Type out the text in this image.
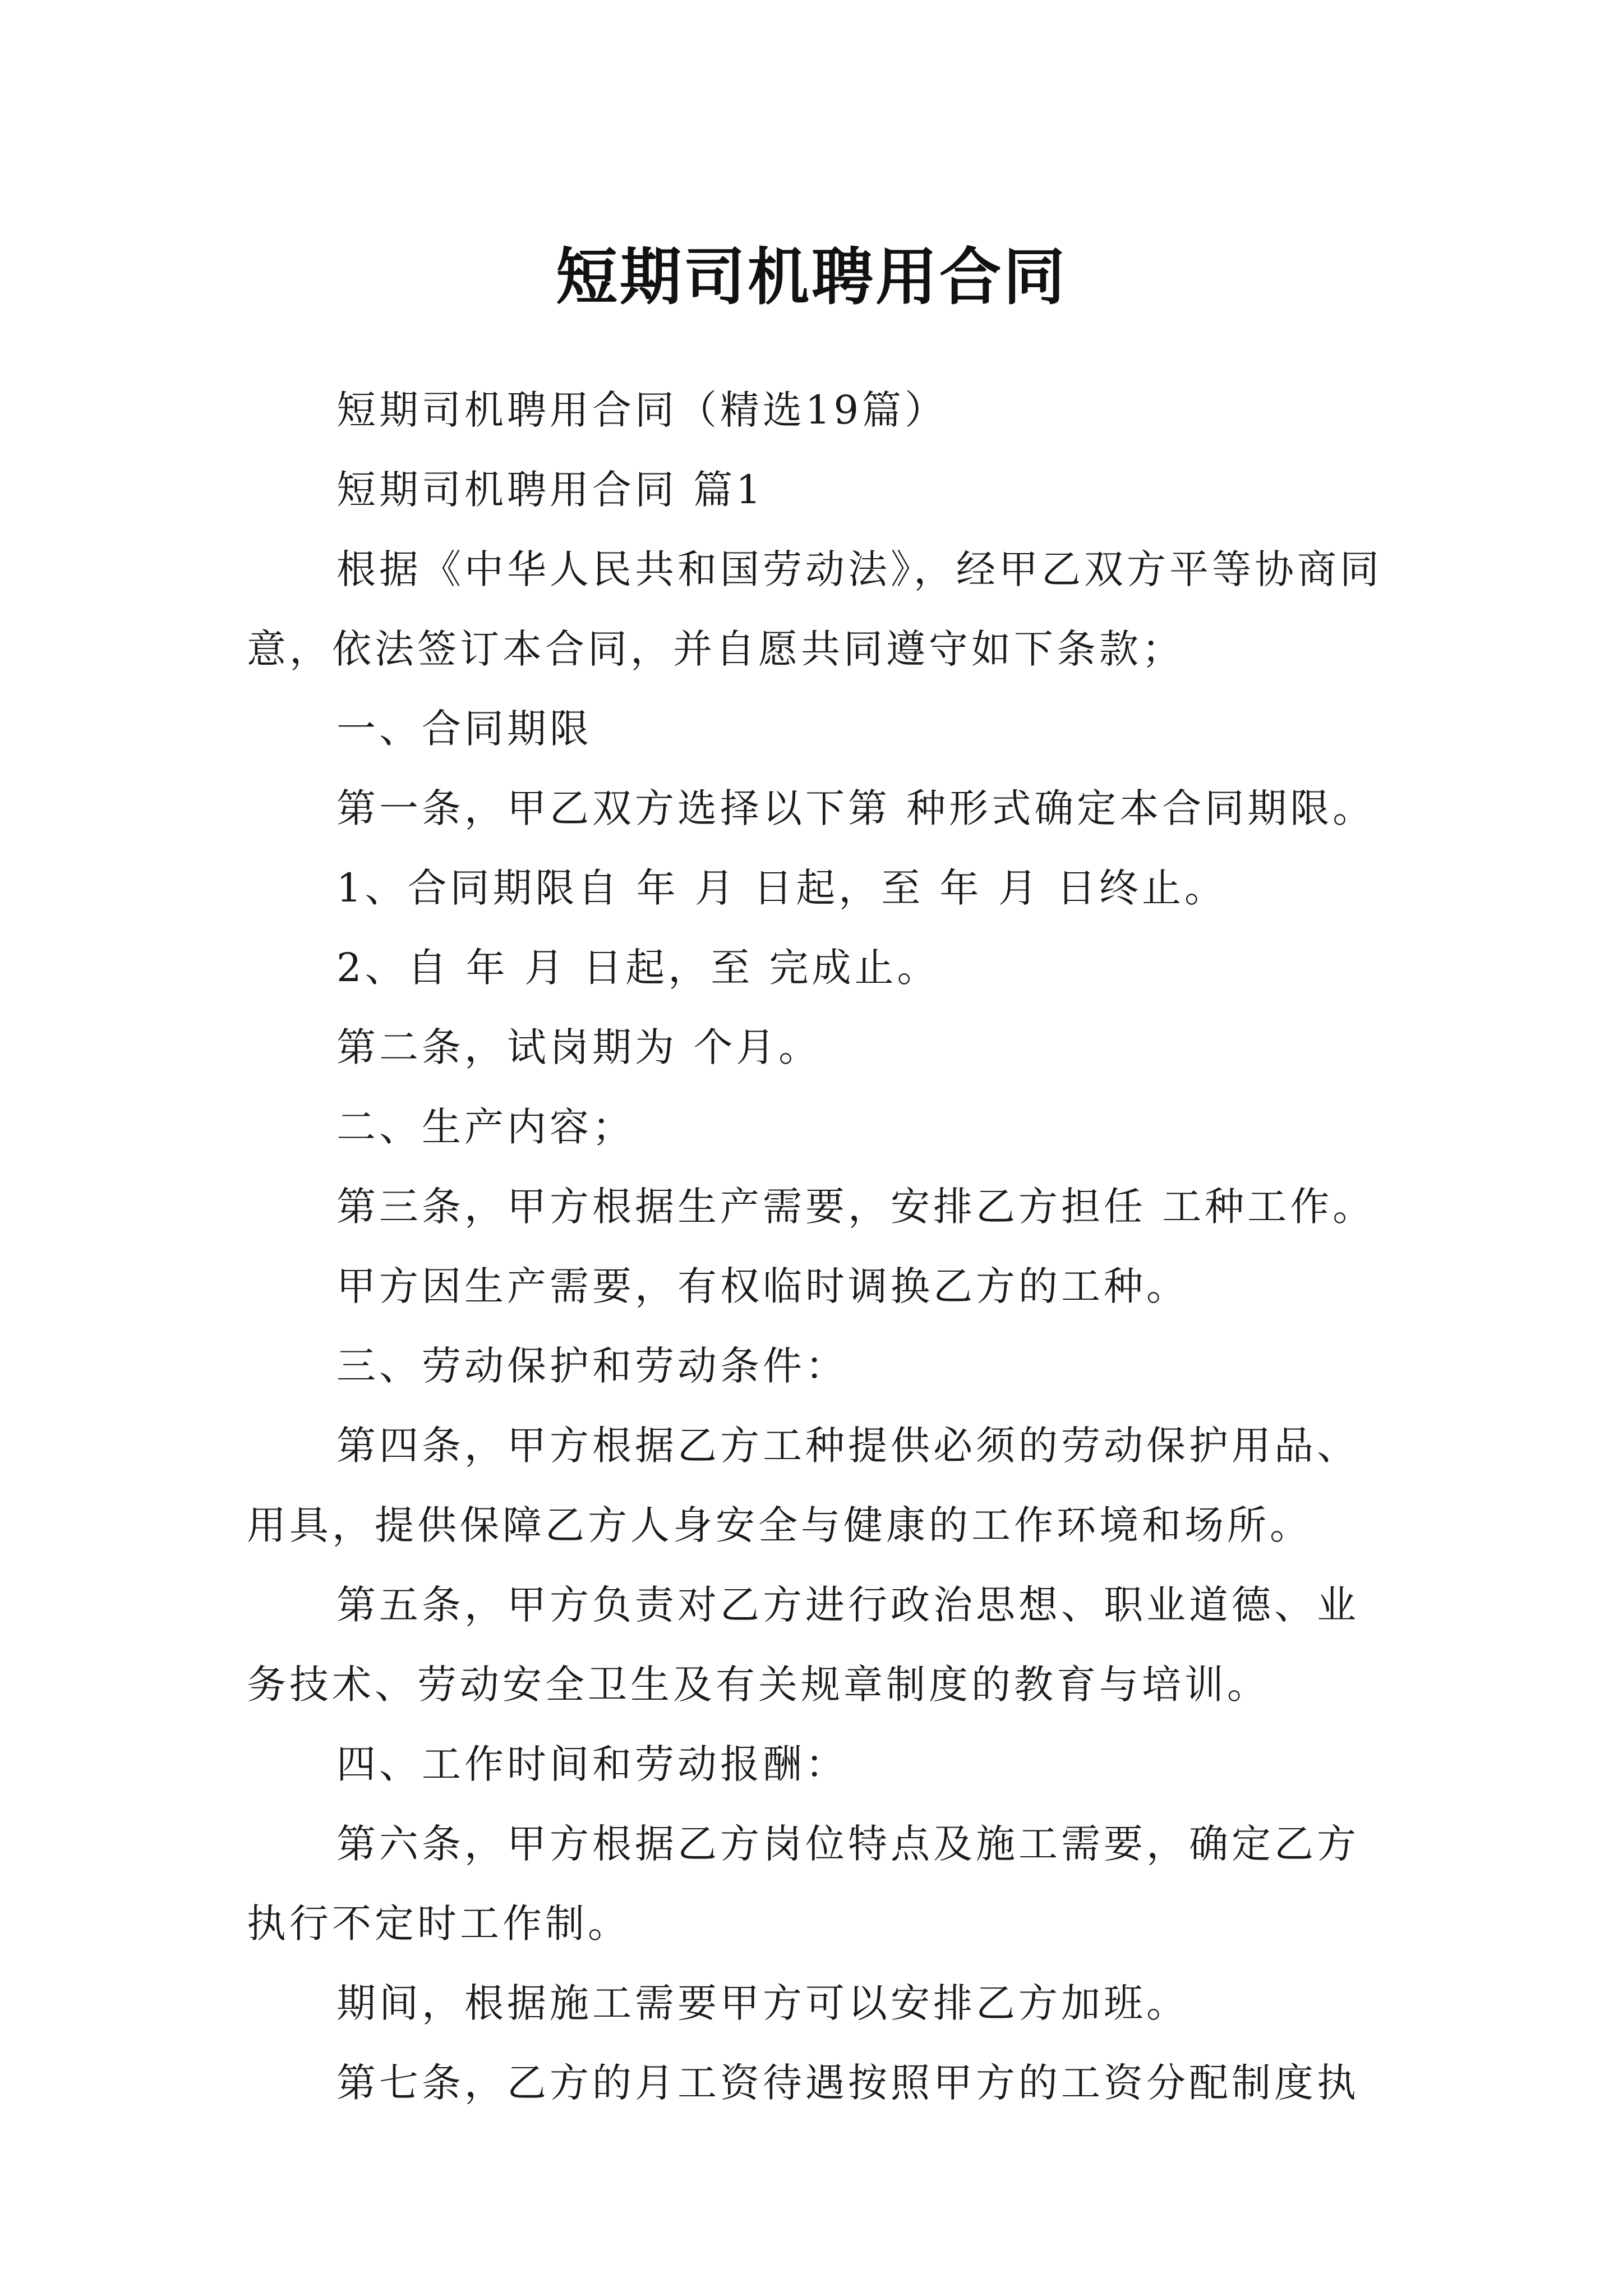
短期司机聘用合同

短期司机聘用合同（精选19篇）

短期司机聘用合同 篇1

根据《中华人民共和国劳动法》，经甲乙双方平等协商同意，依法签订本合同，并自愿共同遵守如下条款；

一、合同期限

第一条，甲乙双方选择以下第 种形式确定本合同期限。

1、合同期限自 年 月 日起，至 年 月 日终止。

2、自 年 月 日起，至 完成止。

第二条，试岗期为 个月。

二、生产内容；

第三条，甲方根据生产需要，安排乙方担任 工种工作。

甲方因生产需要，有权临时调换乙方的工种。

三、劳动保护和劳动条件：

第四条，甲方根据乙方工种提供必须的劳动保护用品、用具，提供保障乙方人身安全与健康的工作环境和场所。

第五条，甲方负责对乙方进行政治思想、职业道德、业务技术、劳动安全卫生及有关规章制度的教育与培训。

四、工作时间和劳动报酬：

第六条，甲方根据乙方岗位特点及施工需要，确定乙方执行不定时工作制。

期间，根据施工需要甲方可以安排乙方加班。

第七条，乙方的月工资待遇按照甲方的工资分配制度执
